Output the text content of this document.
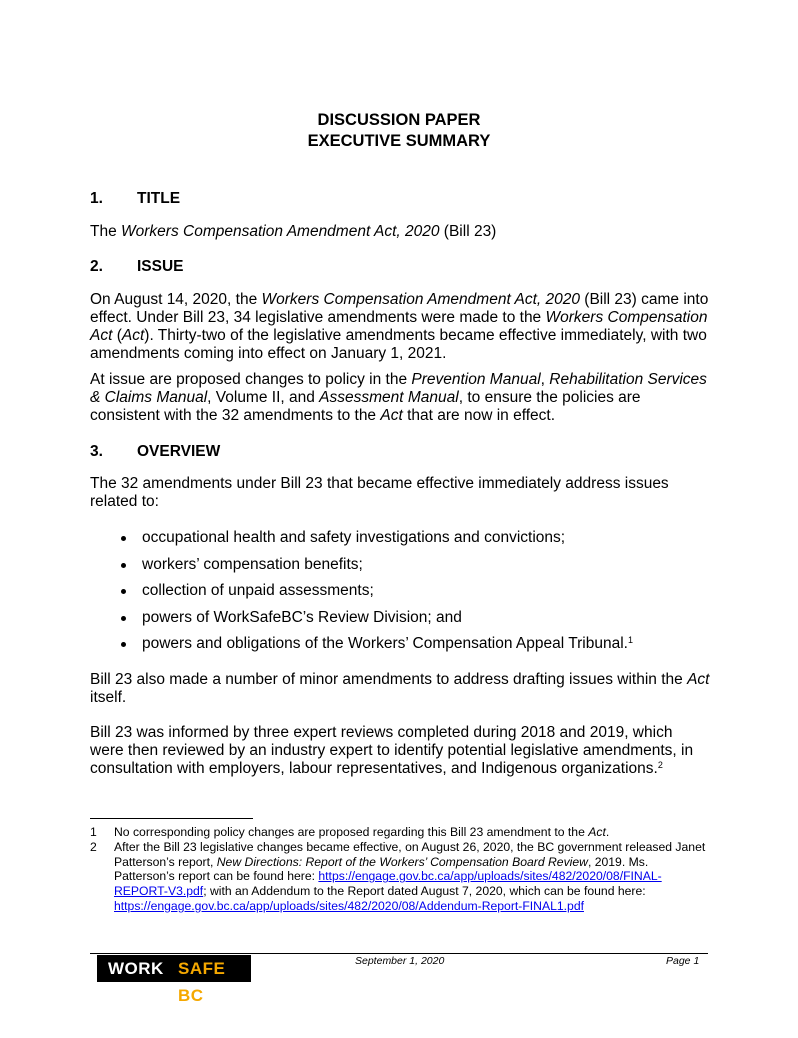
DISCUSSION PAPER
EXECUTIVE SUMMARY
1. TITLE
The Workers Compensation Amendment Act, 2020 (Bill 23)
2. ISSUE
On August 14, 2020, the Workers Compensation Amendment Act, 2020 (Bill 23) came into effect. Under Bill 23, 34 legislative amendments were made to the Workers Compensation Act (Act). Thirty-two of the legislative amendments became effective immediately, with two amendments coming into effect on January 1, 2021.
At issue are proposed changes to policy in the Prevention Manual, Rehabilitation Services & Claims Manual, Volume II, and Assessment Manual, to ensure the policies are consistent with the 32 amendments to the Act that are now in effect.
3. OVERVIEW
The 32 amendments under Bill 23 that became effective immediately address issues related to:
occupational health and safety investigations and convictions;
workers’ compensation benefits;
collection of unpaid assessments;
powers of WorkSafeBC’s Review Division; and
powers and obligations of the Workers’ Compensation Appeal Tribunal.$^1$
Bill 23 also made a number of minor amendments to address drafting issues within the Act itself.
Bill 23 was informed by three expert reviews completed during 2018 and 2019, which were then reviewed by an industry expert to identify potential legislative amendments, in consultation with employers, labour representatives, and Indigenous organizations.$^2$
1 No corresponding policy changes are proposed regarding this Bill 23 amendment to the Act.
2 After the Bill 23 legislative changes became effective, on August 26, 2020, the BC government released Janet Patterson’s report, New Directions: Report of the Workers’ Compensation Board Review, 2019. Ms. Patterson’s report can be found here: https://engage.gov.bc.ca/app/uploads/sites/482/2020/08/FINAL-REPORT-V3.pdf; with an Addendum to the Report dated August 7, 2020, which can be found here: https://engage.gov.bc.ca/app/uploads/sites/482/2020/08/Addendum-Report-FINAL1.pdf
WORK SAFE BC
September 1, 2020	Page 1
